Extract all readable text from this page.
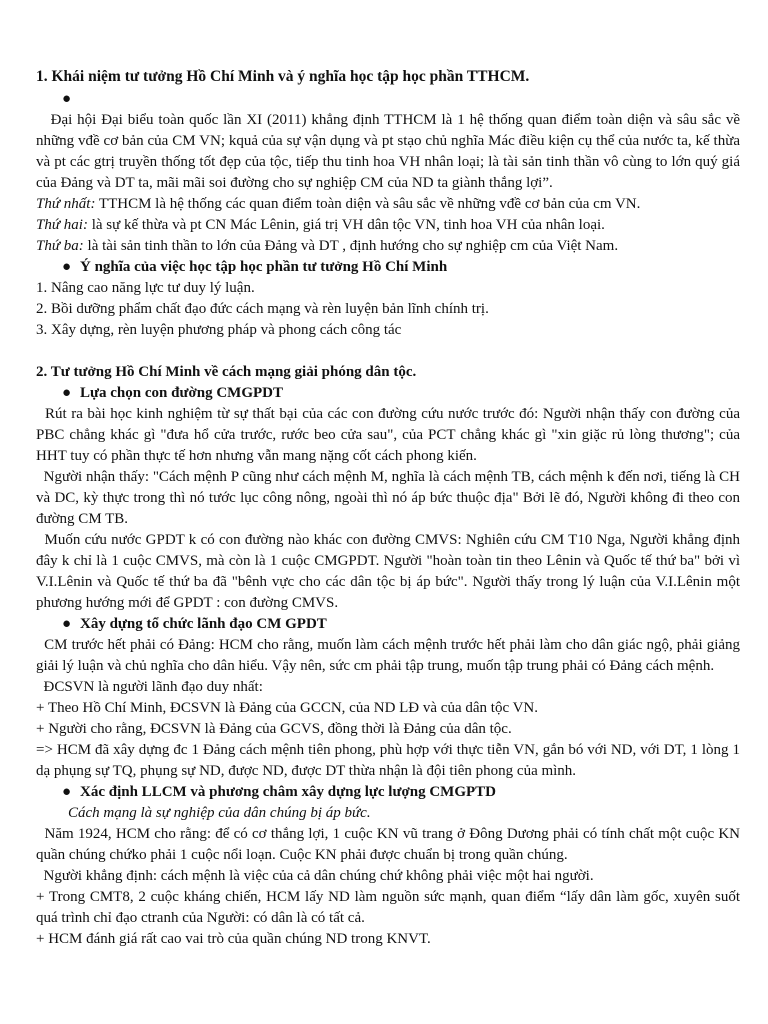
1. Khái niệm tư tưởng Hồ Chí Minh và ý nghĩa học tập học phần TTHCM.
●
Đại hội Đại biểu toàn quốc lần XI (2011) khẳng định TTHCM là 1 hệ thống quan điểm toàn diện và sâu sắc về những vđề cơ bản của CM VN; kquả của sự vận dụng và pt stạo chủ nghĩa Mác điều kiện cụ thể của nước ta, kế thừa và pt các gtrị truyền thống tốt đẹp của tộc, tiếp thu tinh hoa VH nhân loại; là tài sản tinh thần vô cùng to lớn quý giá của Đảng và DT ta, mãi mãi soi đường cho sự nghiệp CM của ND ta giành thắng lợi”.
Thứ nhất: TTHCM là hệ thống các quan điểm toàn diện và sâu sắc về những vđề cơ bản của cm VN.
Thứ hai: là sự kế thừa và pt CN Mác Lênin, giá trị VH dân tộc VN, tinh hoa VH của nhân loại.
Thứ ba: là tài sản tinh thần to lớn của Đảng và DT , định hướng cho sự nghiệp cm của Việt Nam.
● Ý nghĩa của việc học tập học phần tư tưởng Hồ Chí Minh
1. Nâng cao năng lực tư duy lý luận.
2. Bồi dưỡng phẩm chất đạo đức cách mạng và rèn luyện bản lĩnh chính trị.
3. Xây dựng, rèn luyện phương pháp và phong cách công tác
2. Tư tưởng Hồ Chí Minh về cách mạng giải phóng dân tộc.
● Lựa chọn con đường CMGPDT
Rút ra bài học kinh nghiệm từ sự thất bại của các con đường cứu nước trước đó: Người nhận thấy con đường của PBC chẳng khác gì "đưa hổ cửa trước, rước beo cửa sau", của PCT chẳng khác gì "xin giặc rủ lòng thương"; của HHT tuy có phần thực tế hơn nhưng vẫn mang nặng cốt cách phong kiến.
Người nhận thấy: "Cách mệnh P cũng như cách mệnh M, nghĩa là cách mệnh TB, cách mệnh k đến nơi, tiếng là CH và DC, kỳ thực trong thì nó tước lục công nông, ngoài thì nó áp bức thuộc địa" Bởi lẽ đó, Người không đi theo con đường CM TB.
Muốn cứu nước GPDT k có con đường nào khác con đường CMVS: Nghiên cứu CM T10 Nga, Người khẳng định đây k chỉ là 1 cuộc CMVS, mà còn là 1 cuộc CMGPDT. Người "hoàn toàn tin theo Lênin và Quốc tế thứ ba" bởi vì V.I.Lênin và Quốc tế thứ ba đã "bênh vực cho các dân tộc bị áp bức". Người thấy trong lý luận của V.I.Lênin một phương hướng mới để GPDT : con đường CMVS.
● Xây dựng tổ chức lãnh đạo CM GPDT
CM trước hết phải có Đảng: HCM cho rằng, muốn làm cách mệnh trước hết phải làm cho dân giác ngộ, phải giảng giải lý luận và chủ nghĩa cho dân hiểu. Vậy nên, sức cm phải tập trung, muốn tập trung phải có Đảng cách mệnh.
ĐCSVN là người lãnh đạo duy nhất:
+ Theo Hồ Chí Minh, ĐCSVN là Đảng của GCCN, của ND LĐ và của dân tộc VN.
+ Người cho rằng, ĐCSVN là Đảng của GCVS, đồng thời là Đảng của dân tộc.
=> HCM đã xây dựng đc 1 Đảng cách mệnh tiên phong, phù hợp với thực tiễn VN, gắn bó với ND, với DT, 1 lòng 1 dạ phụng sự TQ, phụng sự ND, được ND, được DT thừa nhận là đội tiên phong của mình.
● Xác định LLCM và phương châm xây dựng lực lượng CMGPTD
Cách mạng là sự nghiệp của dân chúng bị áp bức.
Năm 1924, HCM cho rằng: để có cơ thắng lợi, 1 cuộc KN vũ trang ở Đông Dương phải có tính chất một cuộc KN quần chúng chứko phải 1 cuộc nổi loạn. Cuộc KN phải được chuẩn bị trong quần chúng.
Người khẳng định: cách mệnh là việc của cả dân chúng chứ không phải việc một hai người.
+ Trong CMT8, 2 cuộc kháng chiến, HCM lấy ND làm nguồn sức mạnh, quan điểm “lấy dân làm gốc, xuyên suốt quá trình chỉ đạo ctranh của Người: có dân là có tất cả.
+ HCM đánh giá rất cao vai trò của quần chúng ND trong KNVT.
